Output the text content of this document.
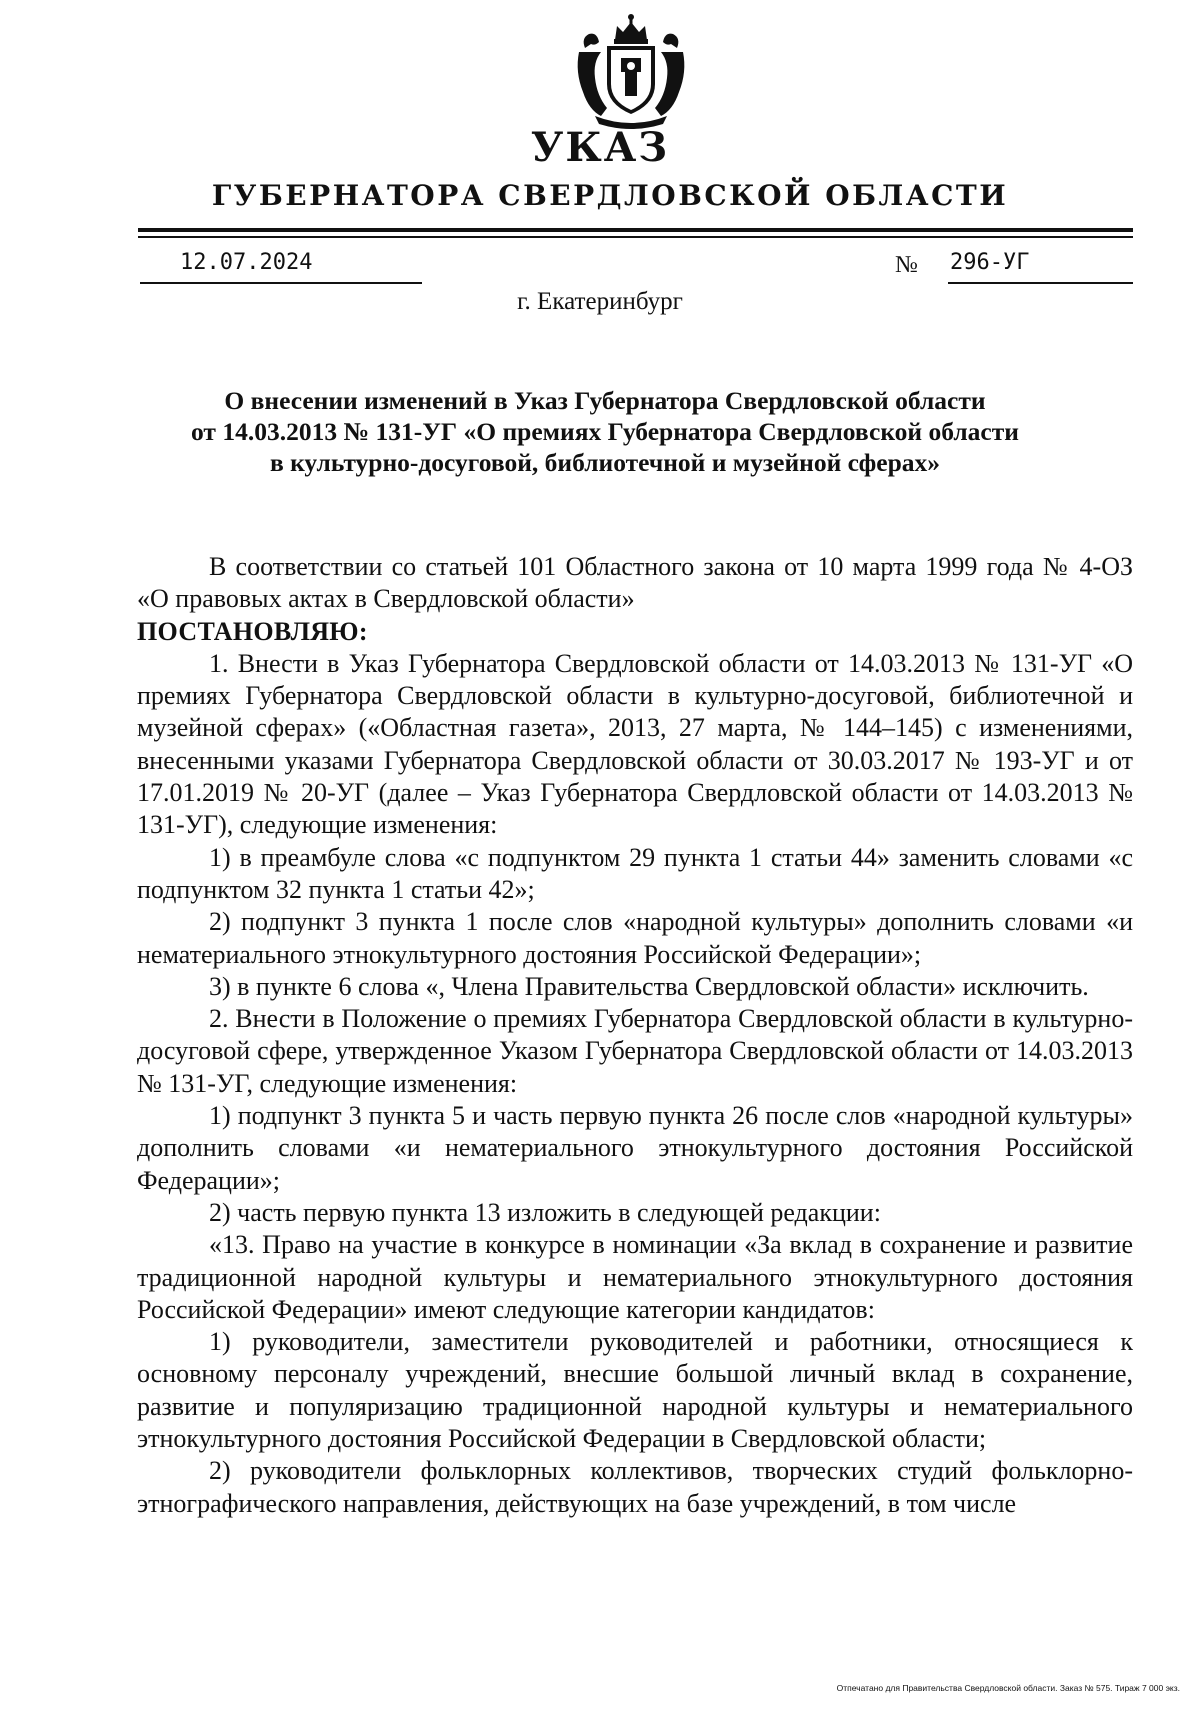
УКАЗ
ГУБЕРНАТОРА СВЕРДЛОВСКОЙ ОБЛАСТИ
12.07.2024	№ 296-УГ
г. Екатеринбург
О внесении изменений в Указ Губернатора Свердловской области
от 14.03.2013 № 131-УГ «О премиях Губернатора Свердловской области
в культурно-досуговой, библиотечной и музейной сферах»

В соответствии со статьей 101 Областного закона от 10 марта 1999 года № 4-ОЗ «О правовых актах в Свердловской области»

ПОСТАНОВЛЯЮ:

1. Внести в Указ Губернатора Свердловской области от 14.03.2013 № 131-УГ «О премиях Губернатора Свердловской области в культурно-досуговой, библиотечной и музейной сферах» («Областная газета», 2013, 27 марта, № 144–145) с изменениями, внесенными указами Губернатора Свердловской области от 30.03.2017 № 193-УГ и от 17.01.2019 № 20-УГ (далее – Указ Губернатора Свердловской области от 14.03.2013 № 131-УГ), следующие изменения:

1) в преамбуле слова «с подпунктом 29 пункта 1 статьи 44» заменить словами «с подпунктом 32 пункта 1 статьи 42»;

2) подпункт 3 пункта 1 после слов «народной культуры» дополнить словами «и нематериального этнокультурного достояния Российской Федерации»;

3) в пункте 6 слова «, Члена Правительства Свердловской области» исключить.

2. Внести в Положение о премиях Губернатора Свердловской области в культурно-досуговой сфере, утвержденное Указом Губернатора Свердловской области от 14.03.2013 № 131-УГ, следующие изменения:

1) подпункт 3 пункта 5 и часть первую пункта 26 после слов «народной культуры» дополнить словами «и нематериального этнокультурного достояния Российской Федерации»;

2) часть первую пункта 13 изложить в следующей редакции:

«13. Право на участие в конкурсе в номинации «За вклад в сохранение и развитие традиционной народной культуры и нематериального этнокультурного достояния Российской Федерации» имеют следующие категории кандидатов:

1) руководители, заместители руководителей и работники, относящиеся к основному персоналу учреждений, внесшие большой личный вклад в сохранение, развитие и популяризацию традиционной народной культуры и нематериального этнокультурного достояния Российской Федерации в Свердловской области;

2) руководители фольклорных коллективов, творческих студий фольклорно-этнографического направления, действующих на базе учреждений, в том числе

Отпечатано для Правительства Свердловской области. Заказ № 575. Тираж 7 000 экз.
